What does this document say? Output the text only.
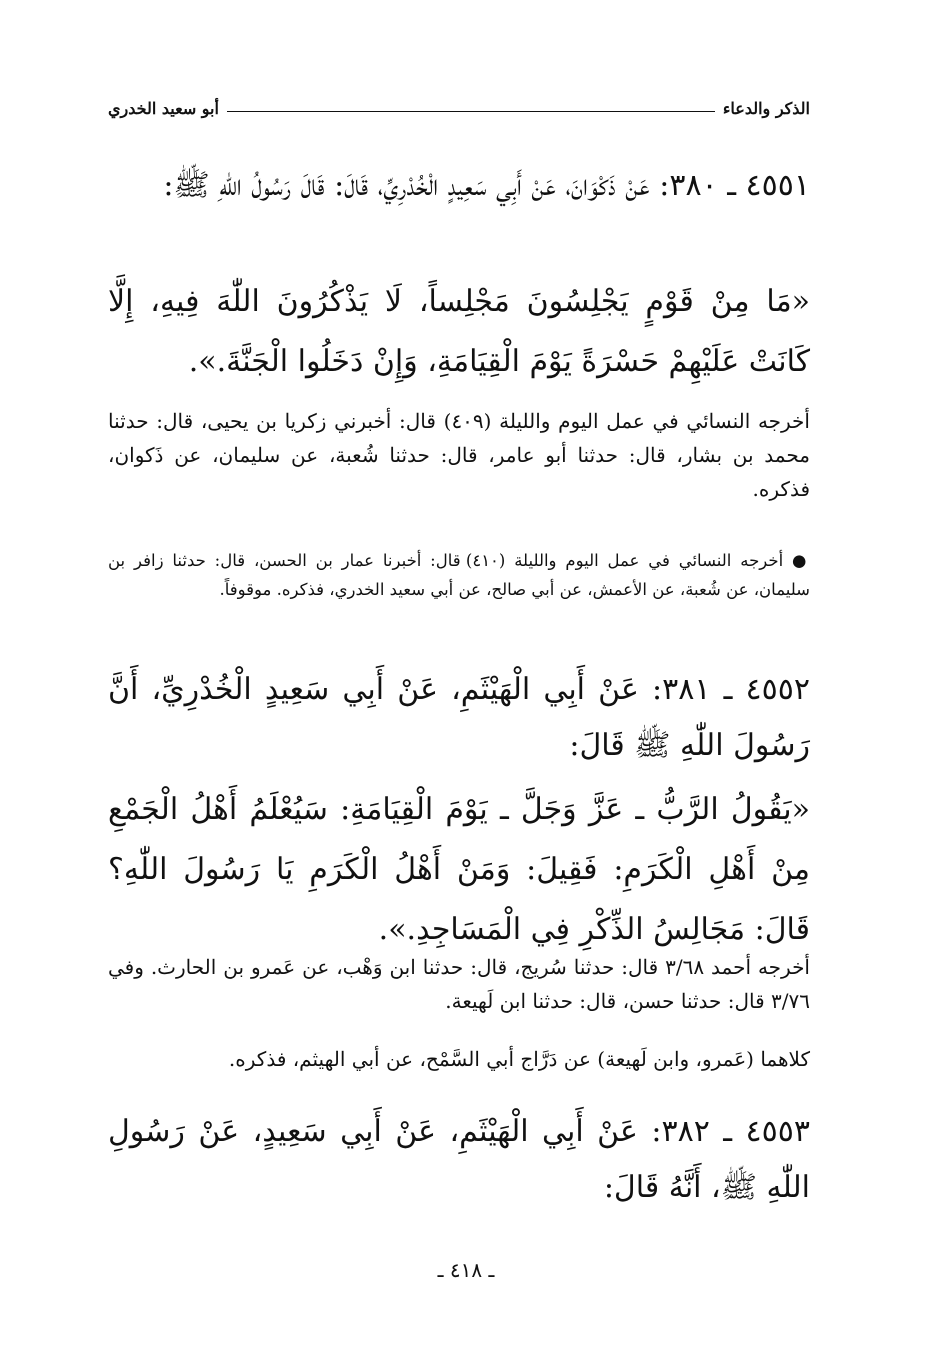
الذكر والدعاء
أبو سعيد الخدري
٤٥٥١ ـ ٣٨٠: عَنْ ذَكْوَانَ، عَنْ أَبِي سَعِيدٍ الْخُدْرِيِّ، قَالَ: قَالَ رَسُولُ اللّٰهِ ﷺ:
«مَا مِنْ قَوْمٍ يَجْلِسُونَ مَجْلِساً، لَا يَذْكُرُونَ اللّٰهَ فِيهِ، إِلَّا كَانَتْ عَلَيْهِمْ حَسْرَةً يَوْمَ الْقِيَامَةِ، وَإِنْ دَخَلُوا الْجَنَّةَ.».
أخرجه النسائي في عمل اليوم والليلة (٤٠٩) قال: أخبرني زكريا بن يحيى، قال: حدثنا محمد بن بشار، قال: حدثنا أبو عامر، قال: حدثنا شُعبة، عن سليمان، عن ذَكوان، فذكره.
● أخرجه النسائي في عمل اليوم والليلة (٤١٠) قال: أخبرنا عمار بن الحسن، قال: حدثنا زافر بن سليمان، عن شُعبة، عن الأعمش، عن أبي صالح، عن أبي سعيد الخدري، فذكره. موقوفاً.
٤٥٥٢ ـ ٣٨١: عَنْ أَبِي الْهَيْثَمِ، عَنْ أَبِي سَعِيدٍ الْخُدْرِيِّ، أَنَّ رَسُولَ اللّٰهِ ﷺ قَالَ:
«يَقُولُ الرَّبُّ ـ عَزَّ وَجَلَّ ـ يَوْمَ الْقِيَامَةِ: سَيُعْلَمُ أَهْلُ الْجَمْعِ مِنْ أَهْلِ الْكَرَمِ: فَقِيلَ: وَمَنْ أَهْلُ الْكَرَمِ يَا رَسُولَ اللّٰهِ؟ قَالَ: مَجَالِسُ الذِّكْرِ فِي الْمَسَاجِدِ.».
أخرجه أحمد ٣/٦٨ قال: حدثنا سُريج، قال: حدثنا ابن وَهْب، عن عَمرو بن الحارث. وفي ٣/٧٦ قال: حدثنا حسن، قال: حدثنا ابن لَهيعة.
كلاهما (عَمرو، وابن لَهيعة) عن دَرَّاج أبي السَّمْح، عن أبي الهيثم، فذكره.
٤٥٥٣ ـ ٣٨٢: عَنْ أَبِي الْهَيْثَمِ، عَنْ أَبِي سَعِيدٍ، عَنْ رَسُولِ اللّٰهِ ﷺ، أَنَّهُ قَالَ:
ـ ٤١٨ ـ
